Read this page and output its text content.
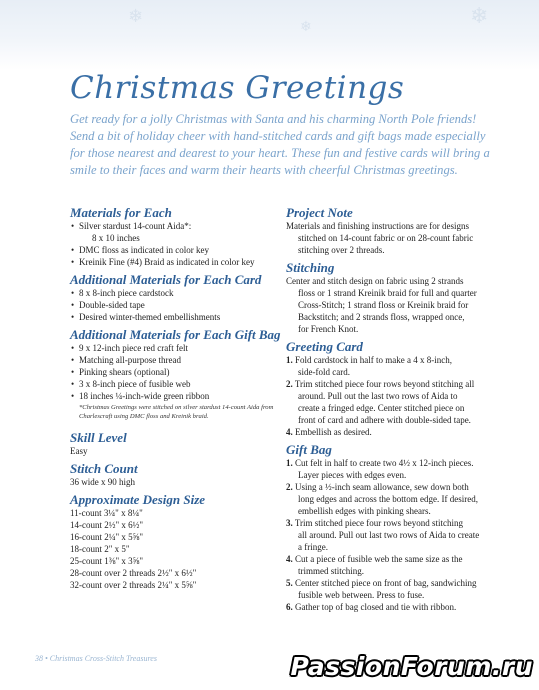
❄	❄	❄
Christmas Greetings
Get ready for a jolly Christmas with Santa and his charming North Pole friends! Send a bit of holiday cheer with hand-stitched cards and gift bags made especially for those nearest and dearest to your heart. These fun and festive cards will bring a smile to their faces and warm their hearts with cheerful Christmas greetings.
Materials for Each
• Silver stardust 14-count Aida*:
8 x 10 inches
• DMC floss as indicated in color key
• Kreinik Fine (#4) Braid as indicated in color key
Additional Materials for Each Card
• 8 x 8-inch piece cardstock
• Double-sided tape
• Desired winter-themed embellishments
Additional Materials for Each Gift Bag
• 9 x 12-inch piece red craft felt
• Matching all-purpose thread
• Pinking shears (optional)
• 3 x 8-inch piece of fusible web
• 18 inches ¼-inch-wide green ribbon
*Christmas Greetings were stitched on silver stardust 14-count Aida from Charlescraft using DMC floss and Kreinik braid.
Skill Level
Easy
Stitch Count
36 wide x 90 high
Approximate Design Size
11-count 3¼" x 8¼"
14-count 2½" x 6½"
16-count 2¼" x 5⅝"
18-count 2" x 5"
25-count 1⅜" x 3⅝"
28-count over 2 threads 2½" x 6½"
32-count over 2 threads 2¼" x 5⅝"
Project Note
Materials and finishing instructions are for designs
stitched on 14-count fabric or on 28-count fabric
stitching over 2 threads.
Stitching
Center and stitch design on fabric using 2 strands
floss or 1 strand Kreinik braid for full and quarter
Cross-Stitch; 1 strand floss or Kreinik braid for
Backstitch; and 2 strands floss, wrapped once,
for French Knot.
Greeting Card
1. Fold cardstock in half to make a 4 x 8-inch,
side-fold card.
2. Trim stitched piece four rows beyond stitching all
around. Pull out the last two rows of Aida to
create a fringed edge. Center stitched piece on
front of card and adhere with double-sided tape.
4. Embellish as desired.
Gift Bag
1. Cut felt in half to create two 4½ x 12-inch pieces.
Layer pieces with edges even.
2. Using a ½-inch seam allowance, sew down both
long edges and across the bottom edge. If desired,
embellish edges with pinking shears.
3. Trim stitched piece four rows beyond stitching
all around. Pull out last two rows of Aida to create
a fringe.
4. Cut a piece of fusible web the same size as the
trimmed stitching.
5. Center stitched piece on front of bag, sandwiching
fusible web between. Press to fuse.
6. Gather top of bag closed and tie with ribbon.
38 • Christmas Cross-Stitch Treasures	PassionForum.ru
